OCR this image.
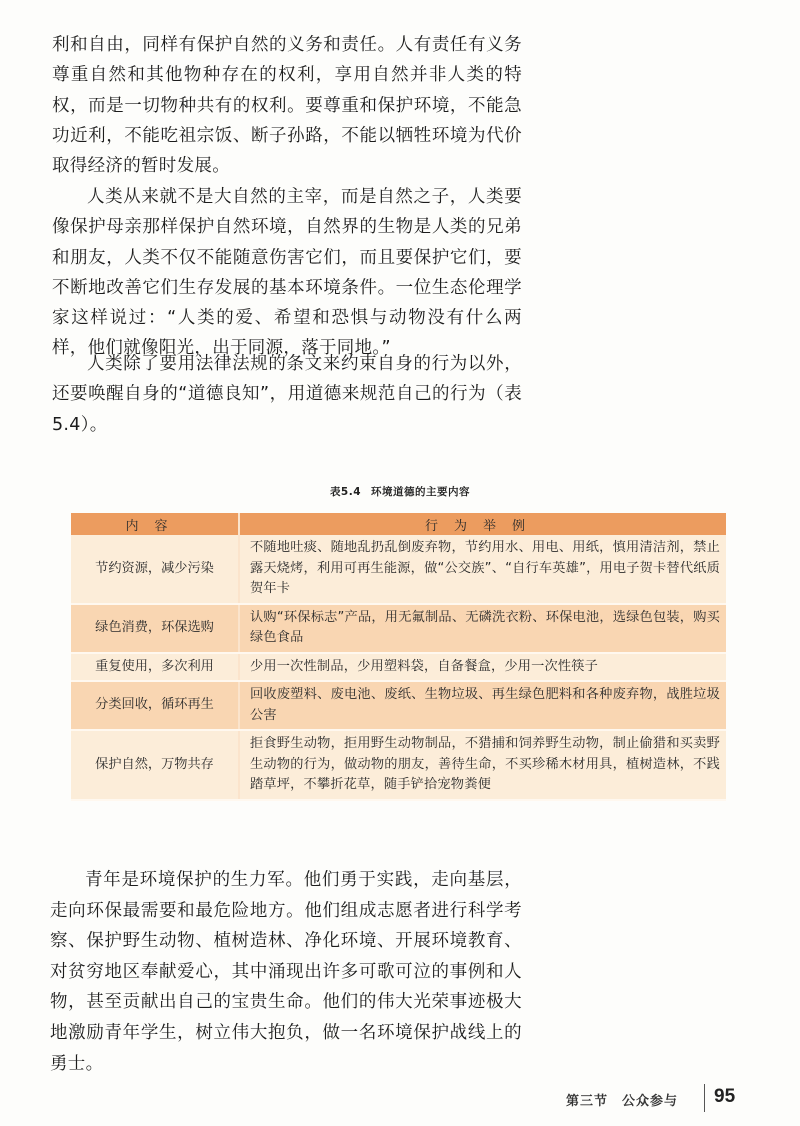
利和自由，同样有保护自然的义务和责任。人有责任有义务尊重自然和其他物种存在的权利，享用自然并非人类的特权，而是一切物种共有的权利。要尊重和保护环境，不能急功近利，不能吃祖宗饭、断子孙路，不能以牺牲环境为代价取得经济的暂时发展。

人类从来就不是大自然的主宰，而是自然之子，人类要像保护母亲那样保护自然环境，自然界的生物是人类的兄弟和朋友，人类不仅不能随意伤害它们，而且要保护它们，要不断地改善它们生存发展的基本环境条件。一位生态伦理学家这样说过：“人类的爱、希望和恐惧与动物没有什么两样，他们就像阳光，出于同源，落于同地。”

人类除了要用法律法规的条文来约束自身的行为以外，还要唤醒自身的“道德良知”，用道德来规范自己的行为（表5.4）。

表5.4 环境道德的主要内容
内容	行为举例
节约资源，减少污染	不随地吐痰、随地乱扔乱倒废弃物，节约用水、用电、用纸，慎用清洁剂，禁止露天烧烤，利用可再生能源，做“公交族”、“自行车英雄”，用电子贺卡替代纸质贺年卡
绿色消费，环保选购	认购“环保标志”产品，用无氟制品、无磷洗衣粉、环保电池，选绿色包装，购买绿色食品
重复使用，多次利用	少用一次性制品，少用塑料袋，自备餐盒，少用一次性筷子
分类回收，循环再生	回收废塑料、废电池、废纸、生物垃圾、再生绿色肥料和各种废弃物，战胜垃圾公害
保护自然，万物共存	拒食野生动物，拒用野生动物制品，不猎捕和饲养野生动物，制止偷猎和买卖野生动物的行为，做动物的朋友，善待生命，不买珍稀木材用具，植树造林，不践踏草坪，不攀折花草，随手铲拾宠物粪便

青年是环境保护的生力军。他们勇于实践，走向基层，走向环保最需要和最危险地方。他们组成志愿者进行科学考察、保护野生动物、植树造林、净化环境、开展环境教育、对贫穷地区奉献爱心，其中涌现出许多可歌可泣的事例和人物，甚至贡献出自己的宝贵生命。他们的伟大光荣事迹极大地激励青年学生，树立伟大抱负，做一名环境保护战线上的勇士。

第三节 公众参与 95
